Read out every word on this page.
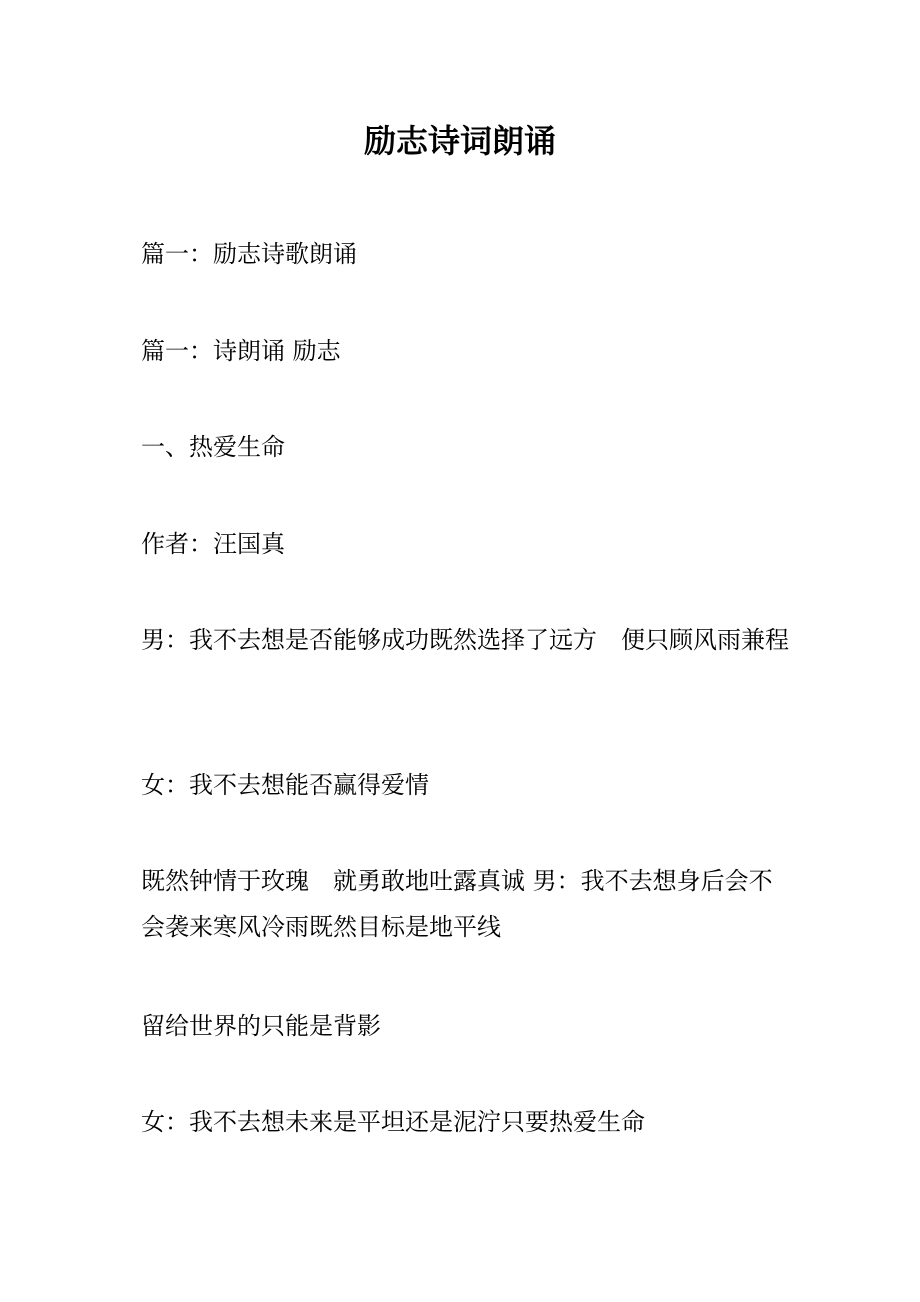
励志诗词朗诵

篇一：励志诗歌朗诵

篇一：诗朗诵 励志

一、热爱生命

作者：汪国真

男：我不去想是否能够成功既然选择了远方　便只顾风雨兼程

女：我不去想能否赢得爱情

既然钟情于玫瑰　就勇敢地吐露真诚 男：我不去想身后会不会袭来寒风冷雨既然目标是地平线

留给世界的只能是背影

女：我不去想未来是平坦还是泥泞只要热爱生命
